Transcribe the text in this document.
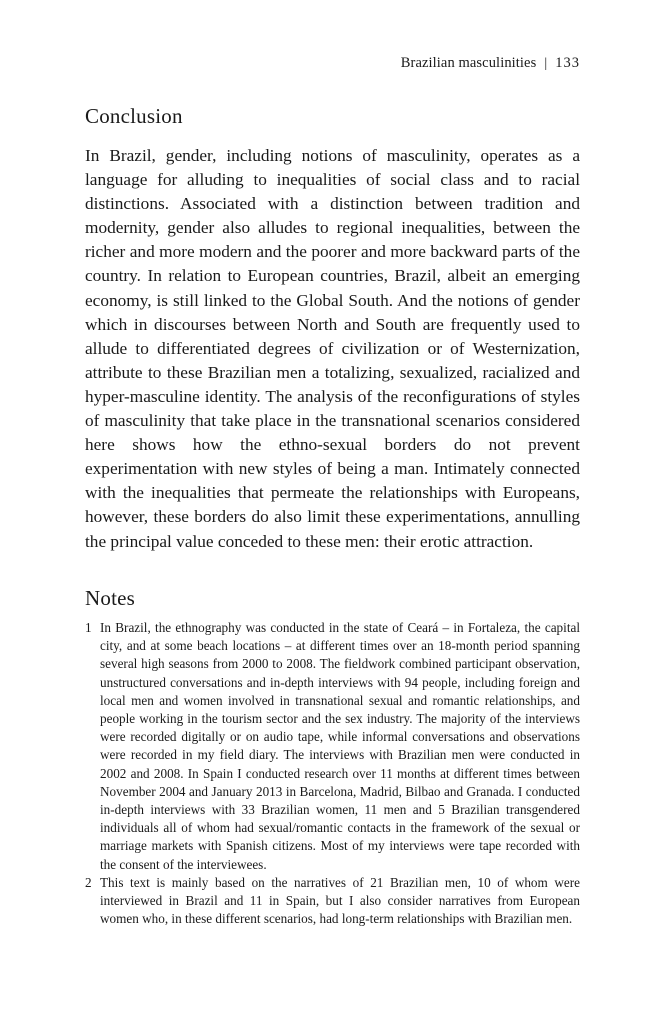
Brazilian masculinities | 133
Conclusion

In Brazil, gender, including notions of masculinity, operates as a language for alluding to inequalities of social class and to racial distinctions. Associated with a distinction between tradition and modernity, gender also alludes to regional inequalities, between the richer and more modern and the poorer and more backward parts of the country. In relation to European countries, Brazil, albeit an emerging economy, is still linked to the Global South. And the notions of gender which in discourses between North and South are frequently used to allude to differentiated degrees of civilization or of Westernization, attribute to these Brazilian men a totalizing, sexualized, racialized and hyper-masculine identity. The analysis of the reconfigurations of styles of masculinity that take place in the transnational scenarios considered here shows how the ethno-sexual borders do not prevent experimentation with new styles of being a man. Intimately connected with the inequalities that permeate the relationships with Europeans, however, these borders do also limit these experimentations, annulling the principal value conceded to these men: their erotic attraction.

Notes
1 In Brazil, the ethnography was conducted in the state of Ceará – in Fortaleza, the capital city, and at some beach locations – at different times over an 18-month period spanning several high seasons from 2000 to 2008. The fieldwork combined participant observation, unstructured conversations and in-depth interviews with 94 people, including foreign and local men and women involved in transnational sexual and romantic relationships, and people working in the tourism sector and the sex industry. The majority of the interviews were recorded digitally or on audio tape, while informal conversations and observations were recorded in my field diary. The interviews with Brazilian men were conducted in 2002 and 2008. In Spain I conducted research over 11 months at different times between November 2004 and January 2013 in Barcelona, Madrid, Bilbao and Granada. I conducted in-depth interviews with 33 Brazilian women, 11 men and 5 Brazilian transgendered individuals all of whom had sexual/romantic contacts in the framework of the sexual or marriage markets with Spanish citizens. Most of my interviews were tape recorded with the consent of the interviewees.
2 This text is mainly based on the narratives of 21 Brazilian men, 10 of whom were interviewed in Brazil and 11 in Spain, but I also consider narratives from European women who, in these different scenarios, had long-term relationships with Brazilian men.
